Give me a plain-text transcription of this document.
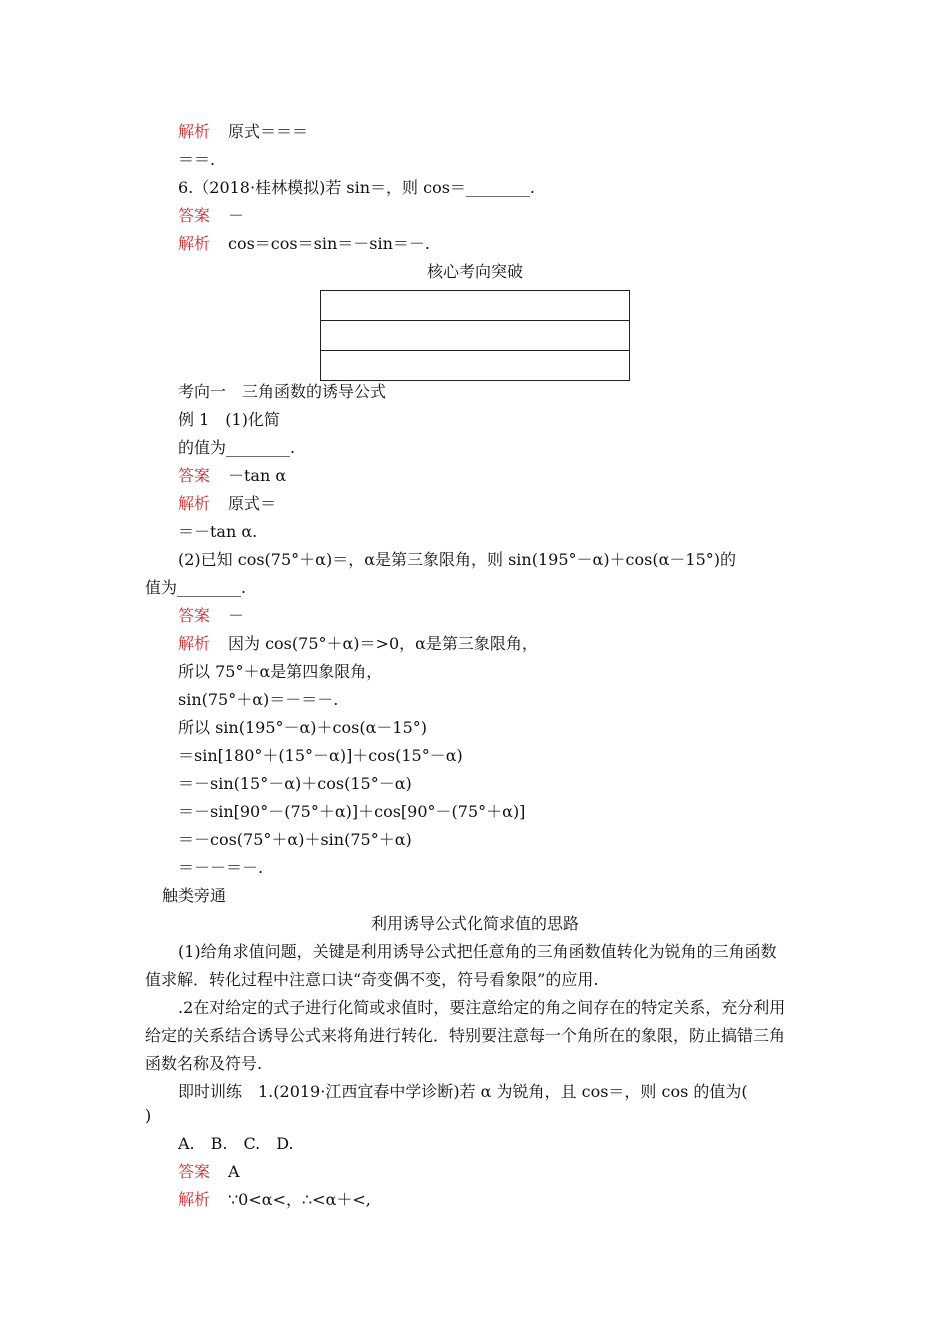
解析 原式＝＝＝
＝＝.
6.（2018·桂林模拟)若 sin＝，则 cos＝________.
答案 －
解析 cos＝cos＝sin＝－sin＝－.
核心考向突破
考向一　三角函数的诱导公式
例 1　(1)化简
的值为________.
答案 －tan α
解析 原式＝
＝－tan α.
(2)已知 cos(75°＋α)＝，α是第三象限角，则 sin(195°－α)＋cos(α－15°)的
值为________.
答案 －
解析 因为 cos(75°＋α)＝>0，α是第三象限角，
所以 75°＋α是第四象限角，
sin(75°＋α)＝－＝－.
所以 sin(195°－α)＋cos(α－15°)
＝sin[180°＋(15°－α)]＋cos(15°－α)
＝－sin(15°－α)＋cos(15°－α)
＝－sin[90°－(75°＋α)]＋cos[90°－(75°＋α)]
＝－cos(75°＋α)＋sin(75°＋α)
＝－－＝－.
触类旁通
利用诱导公式化简求值的思路
(1)给角求值问题，关键是利用诱导公式把任意角的三角函数值转化为锐角的三角函数
值求解．转化过程中注意口诀“奇变偶不变，符号看象限”的应用.
.2在对给定的式子进行化简或求值时，要注意给定的角之间存在的特定关系，充分利用
给定的关系结合诱导公式来将角进行转化．特别要注意每一个角所在的象限，防止搞错三角
函数名称及符号.
即时训练　1.(2019·江西宜春中学诊断)若 α 为锐角，且 cos＝，则 cos 的值为(
)
A.　B.　C.　D.
答案 A
解析 ∵0<α<，∴<α＋<,
